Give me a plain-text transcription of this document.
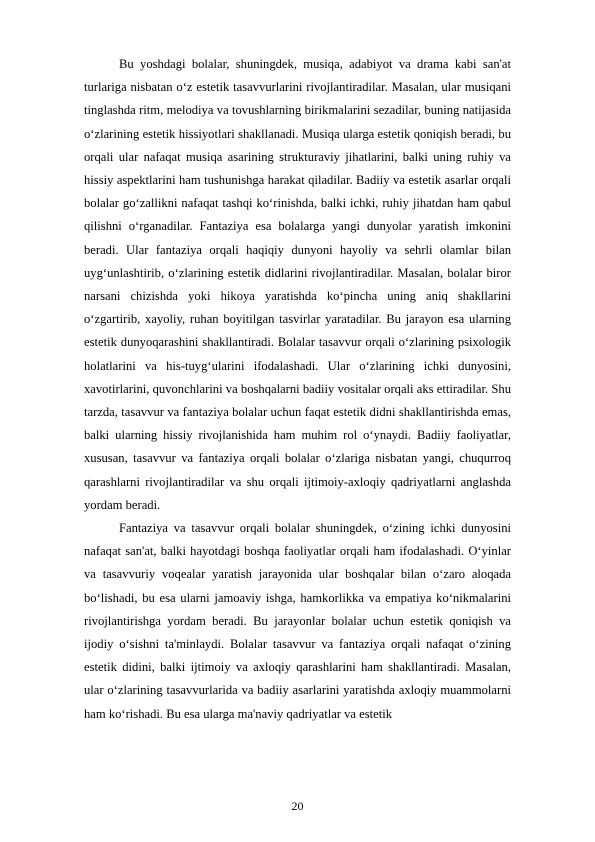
Bu yoshdagi bolalar, shuningdek, musiqa, adabiyot va drama kabi san'at turlariga nisbatan o‘z estetik tasavvurlarini rivojlantiradilar. Masalan, ular musiqani tinglashda ritm, melodiya va tovushlarning birikmalarini sezadilar, buning natijasida o‘zlarining estetik hissiyotlari shakllanadi. Musiqa ularga estetik qoniqish beradi, bu orqali ular nafaqat musiqa asarining strukturaviy jihatlarini, balki uning ruhiy va hissiy aspektlarini ham tushunishga harakat qiladilar. Badiiy va estetik asarlar orqali bolalar go‘zallikni nafaqat tashqi ko‘rinishda, balki ichki, ruhiy jihatdan ham qabul qilishni o‘rganadilar. Fantaziya esa bolalarga yangi dunyolar yaratish imkonini beradi. Ular fantaziya orqali haqiqiy dunyoni hayoliy va sehrli olamlar bilan uyg‘unlashtirib, o‘zlarining estetik didlarini rivojlantiradilar. Masalan, bolalar biror narsani chizishda yoki hikoya yaratishda ko‘pincha uning aniq shakllarini o‘zgartirib, xayoliy, ruhan boyitilgan tasvirlar yaratadilar. Bu jarayon esa ularning estetik dunyoqarashini shakllantiradi. Bolalar tasavvur orqali o‘zlarining psixologik holatlarini va his-tuyg‘ularini ifodalashadi. Ular o‘zlarining ichki dunyosini, xavotirlarini, quvonchlarini va boshqalarni badiiy vositalar orqali aks ettiradilar. Shu tarzda, tasavvur va fantaziya bolalar uchun faqat estetik didni shakllantirishda emas, balki ularning hissiy rivojlanishida ham muhim rol o‘ynaydi. Badiiy faoliyatlar, xususan, tasavvur va fantaziya orqali bolalar o‘zlariga nisbatan yangi, chuqurroq qarashlarni rivojlantiradilar va shu orqali ijtimoiy-axloqiy qadriyatlarni anglashda yordam beradi.

Fantaziya va tasavvur orqali bolalar shuningdek, o‘zining ichki dunyosini nafaqat san'at, balki hayotdagi boshqa faoliyatlar orqali ham ifodalashadi. O‘yinlar va tasavvuriy voqealar yaratish jarayonida ular boshqalar bilan o‘zaro aloqada bo‘lishadi, bu esa ularni jamoaviy ishga, hamkorlikka va empatiya ko‘nikmalarini rivojlantirishga yordam beradi. Bu jarayonlar bolalar uchun estetik qoniqish va ijodiy o‘sishni ta'minlaydi. Bolalar tasavvur va fantaziya orqali nafaqat o‘zining estetik didini, balki ijtimoiy va axloqiy qarashlarini ham shakllantiradi. Masalan, ular o‘zlarining tasavvurlarida va badiiy asarlarini yaratishda axloqiy muammolarni ham ko‘rishadi. Bu esa ularga ma'naviy qadriyatlar va estetik

20
